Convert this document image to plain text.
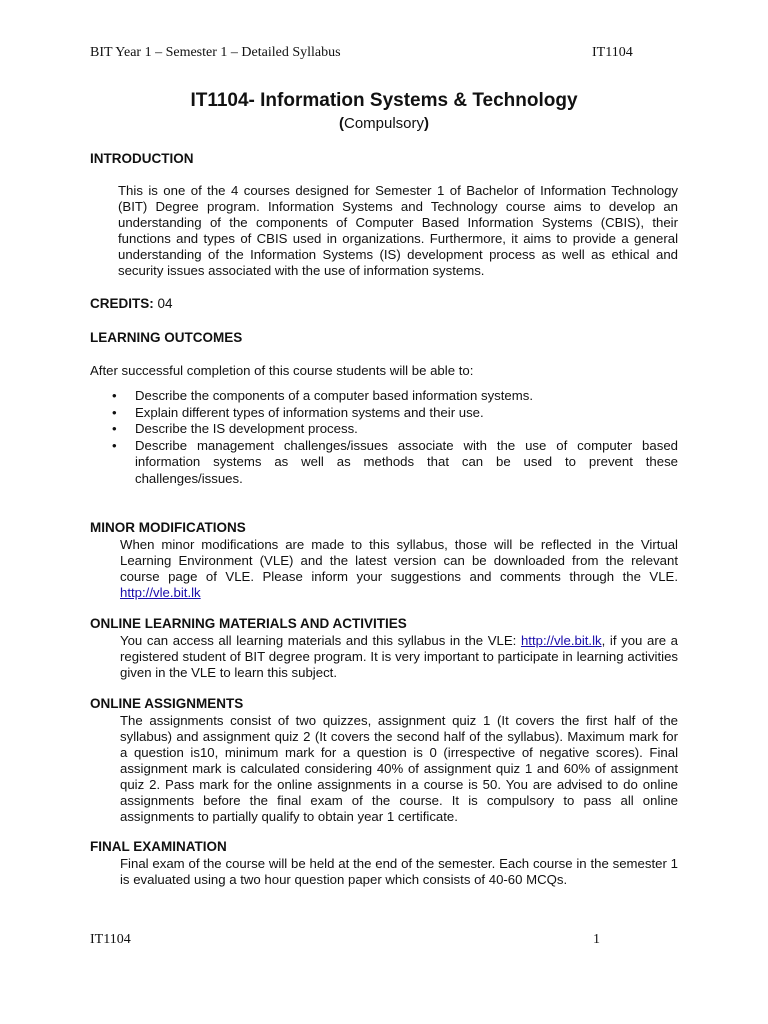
BIT Year 1 – Semester 1 – Detailed Syllabus	IT1104
IT1104- Information Systems & Technology
(Compulsory)
INTRODUCTION

This is one of the 4 courses designed for Semester 1 of Bachelor of Information Technology (BIT) Degree program. Information Systems and Technology course aims to develop an understanding of the components of Computer Based Information Systems (CBIS), their functions and types of CBIS used in organizations. Furthermore, it aims to provide a general understanding of the Information Systems (IS) development process as well as ethical and security issues associated with the use of information systems.

CREDITS: 04
LEARNING OUTCOMES

After successful completion of this course students will be able to:

• Describe the components of a computer based information systems.
• Explain different types of information systems and their use.
• Describe the IS development process.
• Describe management challenges/issues associate with the use of computer based information systems as well as methods that can be used to prevent these challenges/issues.
MINOR MODIFICATIONS

When minor modifications are made to this syllabus, those will be reflected in the Virtual Learning Environment (VLE) and the latest version can be downloaded from the relevant course page of VLE. Please inform your suggestions and comments through the VLE. http://vle.bit.lk

ONLINE LEARNING MATERIALS AND ACTIVITIES

You can access all learning materials and this syllabus in the VLE: http://vle.bit.lk, if you are a registered student of BIT degree program. It is very important to participate in learning activities given in the VLE to learn this subject.

ONLINE ASSIGNMENTS

The assignments consist of two quizzes, assignment quiz 1 (It covers the first half of the syllabus) and assignment quiz 2 (It covers the second half of the syllabus). Maximum mark for a question is10, minimum mark for a question is 0 (irrespective of negative scores). Final assignment mark is calculated considering 40% of assignment quiz 1 and 60% of assignment quiz 2. Pass mark for the online assignments in a course is 50. You are advised to do online assignments before the final exam of the course. It is compulsory to pass all online assignments to partially qualify to obtain year 1 certificate.

FINAL EXAMINATION

Final exam of the course will be held at the end of the semester. Each course in the semester 1 is evaluated using a two hour question paper which consists of 40-60 MCQs.

IT1104	1
